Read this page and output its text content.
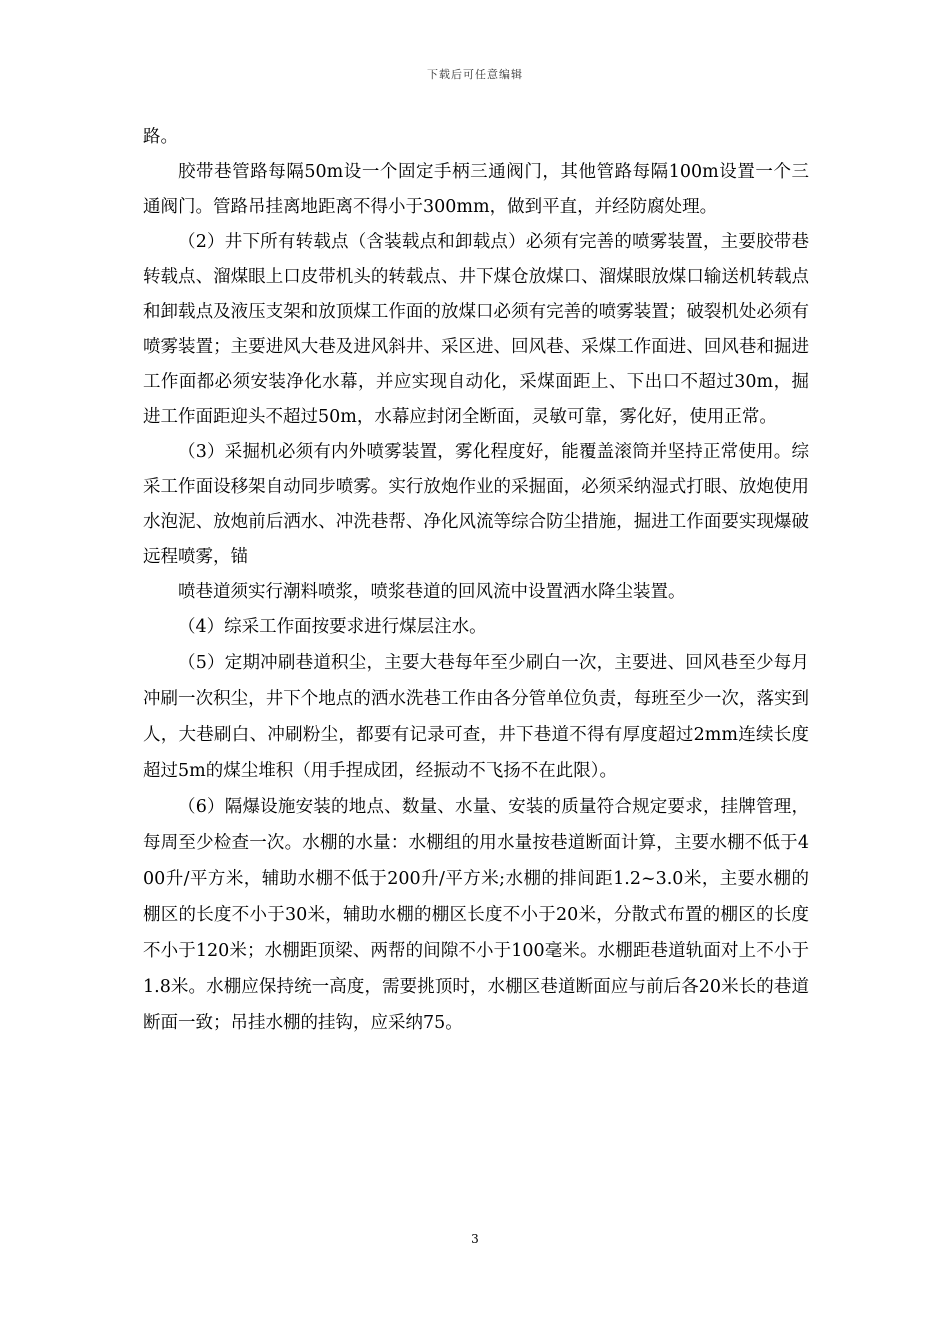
下载后可任意编辑

路。

胶带巷管路每隔50m设一个固定手柄三通阀门，其他管路每隔100m设置一个三通阀门。管路吊挂离地距离不得小于300mm，做到平直，并经防腐处理。

（2）井下所有转载点（含装载点和卸载点）必须有完善的喷雾装置，主要胶带巷转载点、溜煤眼上口皮带机头的转载点、井下煤仓放煤口、溜煤眼放煤口输送机转载点和卸载点及液压支架和放顶煤工作面的放煤口必须有完善的喷雾装置；破裂机处必须有喷雾装置；主要进风大巷及进风斜井、采区进、回风巷、采煤工作面进、回风巷和掘进工作面都必须安装净化水幕，并应实现自动化，采煤面距上、下出口不超过30m，掘进工作面距迎头不超过50m，水幕应封闭全断面，灵敏可靠，雾化好，使用正常。

（3）采掘机必须有内外喷雾装置，雾化程度好，能覆盖滚筒并坚持正常使用。综采工作面设移架自动同步喷雾。实行放炮作业的采掘面，必须采纳湿式打眼、放炮使用水泡泥、放炮前后洒水、冲洗巷帮、净化风流等综合防尘措施，掘进工作面要实现爆破远程喷雾，锚

喷巷道须实行潮料喷浆，喷浆巷道的回风流中设置洒水降尘装置。

（4）综采工作面按要求进行煤层注水。

（5）定期冲刷巷道积尘，主要大巷每年至少刷白一次，主要进、回风巷至少每月冲刷一次积尘，井下个地点的洒水洗巷工作由各分管单位负责，每班至少一次，落实到人，大巷刷白、冲刷粉尘，都要有记录可查，井下巷道不得有厚度超过2mm连续长度超过5m的煤尘堆积（用手捏成团，经振动不飞扬不在此限）。

（6）隔爆设施安装的地点、数量、水量、安装的质量符合规定要求，挂牌管理，每周至少检查一次。水棚的水量：水棚组的用水量按巷道断面计算，主要水棚不低于400升/平方米，辅助水棚不低于200升/平方米;水棚的排间距1.2~3.0米，主要水棚的棚区的长度不小于30米，辅助水棚的棚区长度不小于20米，分散式布置的棚区的长度不小于120米；水棚距顶梁、两帮的间隙不小于100毫米。水棚距巷道轨面对上不小于1.8米。水棚应保持统一高度，需要挑顶时，水棚区巷道断面应与前后各20米长的巷道断面一致；吊挂水棚的挂钩，应采纳75。

3
